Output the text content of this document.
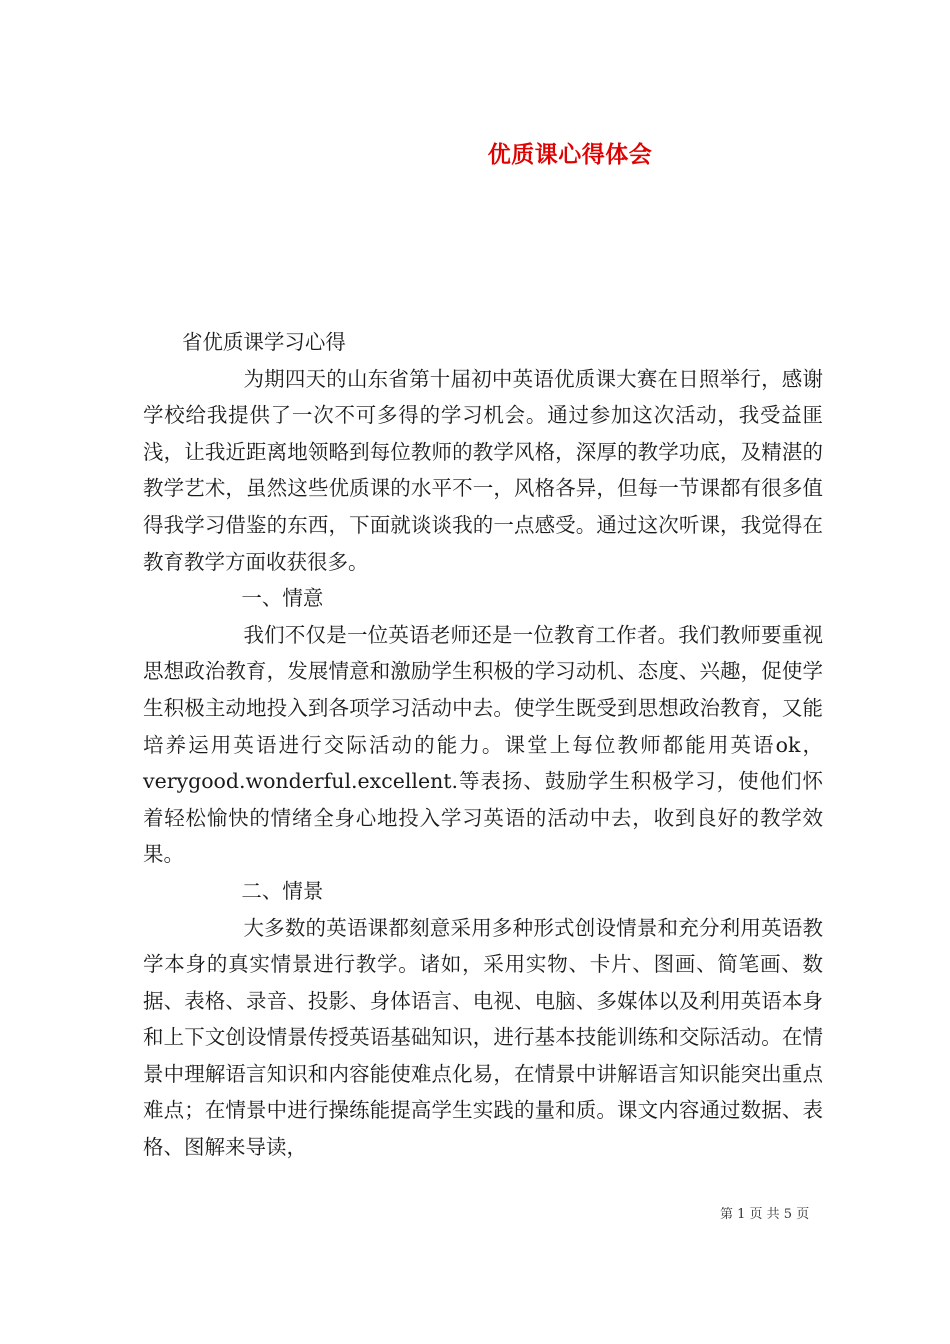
优质课心得体会

省优质课学习心得

为期四天的山东省第十届初中英语优质课大赛在日照举行，感谢学校给我提供了一次不可多得的学习机会。通过参加这次活动，我受益匪浅，让我近距离地领略到每位教师的教学风格，深厚的教学功底，及精湛的教学艺术，虽然这些优质课的水平不一，风格各异，但每一节课都有很多值得我学习借鉴的东西，下面就谈谈我的一点感受。通过这次听课，我觉得在教育教学方面收获很多。

一、情意

我们不仅是一位英语老师还是一位教育工作者。我们教师要重视思想政治教育，发展情意和激励学生积极的学习动机、态度、兴趣，促使学生积极主动地投入到各项学习活动中去。使学生既受到思想政治教育，又能培养运用英语进行交际活动的能力。课堂上每位教师都能用英语ok，verygood.wonderful.excellent.等表扬、鼓励学生积极学习，使他们怀着轻松愉快的情绪全身心地投入学习英语的活动中去，收到良好的教学效果。

二、情景

大多数的英语课都刻意采用多种形式创设情景和充分利用英语教学本身的真实情景进行教学。诸如，采用实物、卡片、图画、简笔画、数据、表格、录音、投影、身体语言、电视、电脑、多媒体以及利用英语本身和上下文创设情景传授英语基础知识，进行基本技能训练和交际活动。在情景中理解语言知识和内容能使难点化易，在情景中讲解语言知识能突出重点难点；在情景中进行操练能提高学生实践的量和质。课文内容通过数据、表格、图解来导读，

第 1 页 共 5 页
